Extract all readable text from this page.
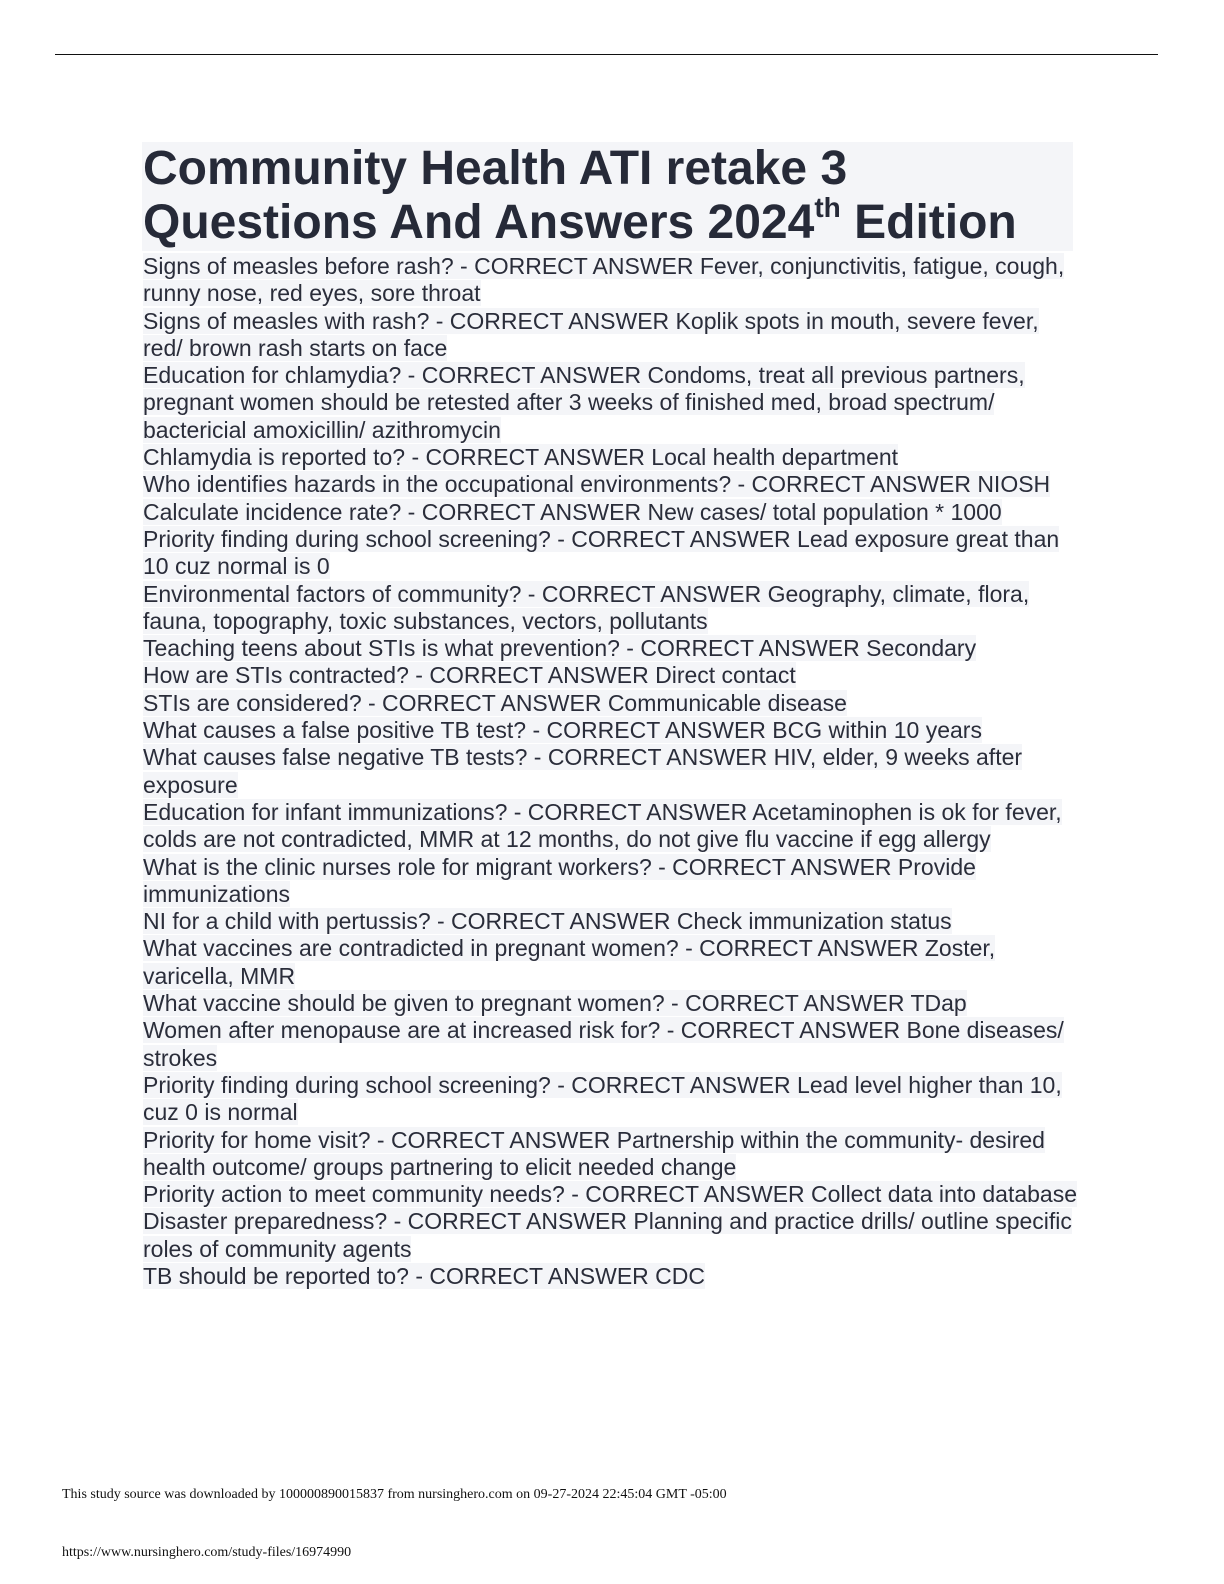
Community Health ATI retake 3
Questions And Answers 2024th Edition

Signs of measles before rash? - CORRECT ANSWER Fever, conjunctivitis, fatigue, cough, runny nose, red eyes, sore throat

Signs of measles with rash? - CORRECT ANSWER Koplik spots in mouth, severe fever, red/ brown rash starts on face

Education for chlamydia? - CORRECT ANSWER Condoms, treat all previous partners, pregnant women should be retested after 3 weeks of finished med, broad spectrum/ bactericial amoxicillin/ azithromycin

Chlamydia is reported to? - CORRECT ANSWER Local health department

Who identifies hazards in the occupational environments? - CORRECT ANSWER NIOSH

Calculate incidence rate? - CORRECT ANSWER New cases/ total population * 1000

Priority finding during school screening? - CORRECT ANSWER Lead exposure great than 10 cuz normal is 0

Environmental factors of community? - CORRECT ANSWER Geography, climate, flora, fauna, topography, toxic substances, vectors, pollutants

Teaching teens about STIs is what prevention? - CORRECT ANSWER Secondary

How are STIs contracted? - CORRECT ANSWER Direct contact

STIs are considered? - CORRECT ANSWER Communicable disease

What causes a false positive TB test? - CORRECT ANSWER BCG within 10 years

What causes false negative TB tests? - CORRECT ANSWER HIV, elder, 9 weeks after exposure

Education for infant immunizations? - CORRECT ANSWER Acetaminophen is ok for fever, colds are not contradicted, MMR at 12 months, do not give flu vaccine if egg allergy

What is the clinic nurses role for migrant workers? - CORRECT ANSWER Provide immunizations

NI for a child with pertussis? - CORRECT ANSWER Check immunization status

What vaccines are contradicted in pregnant women? - CORRECT ANSWER Zoster, varicella, MMR

What vaccine should be given to pregnant women? - CORRECT ANSWER TDap

Women after menopause are at increased risk for? - CORRECT ANSWER Bone diseases/ strokes

Priority finding during school screening? - CORRECT ANSWER Lead level higher than 10, cuz 0 is normal

Priority for home visit? - CORRECT ANSWER Partnership within the community- desired health outcome/ groups partnering to elicit needed change

Priority action to meet community needs? - CORRECT ANSWER Collect data into database

Disaster preparedness? - CORRECT ANSWER Planning and practice drills/ outline specific roles of community agents

TB should be reported to? - CORRECT ANSWER CDC

This study source was downloaded by 100000890015837 from nursinghero.com on 09-27-2024 22:45:04 GMT -05:00
https://www.nursinghero.com/study-files/16974990
